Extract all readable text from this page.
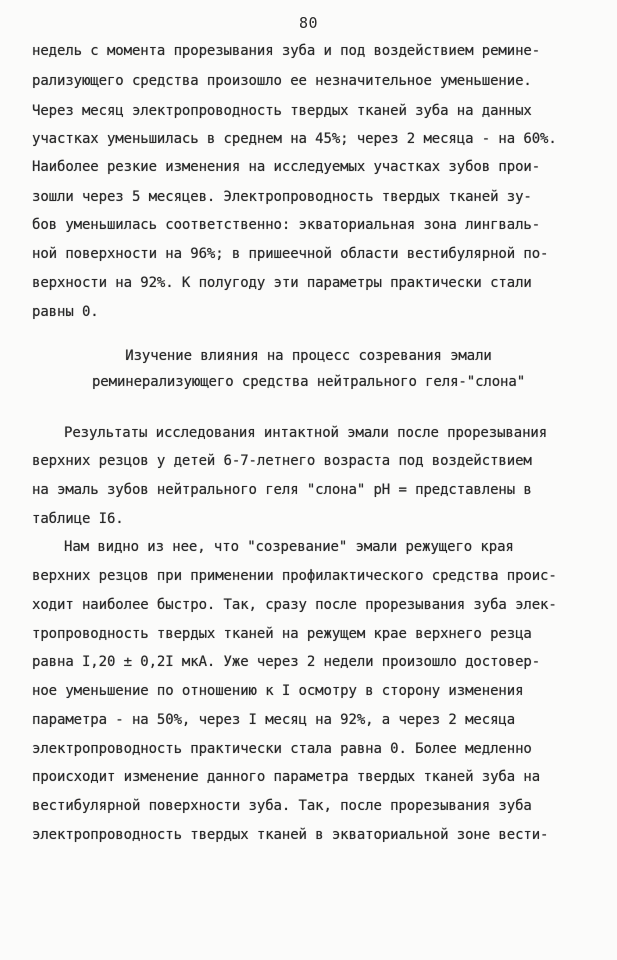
80
недель с момента прорезывания зуба и под воздействием ремине-
рализующего средства произошло ее незначительное уменьшение.
Через месяц электропроводность твердых тканей зуба на данных
участках уменьшилась в среднем на 45%; через 2 месяца - на 60%.
Наиболее резкие изменения на исследуемых участках зубов прои-
зошли через 5 месяцев. Электропроводность твердых тканей зу-
бов уменьшилась соответственно: экваториальная зона лингваль-
ной поверхности на 96%; в пришеечной области вестибулярной по-
верхности на 92%. К полугоду эти параметры практически стали
равны 0.
Изучение влияния на процесс созревания эмали
реминерализующего средства нейтрального геля-"слона"
Результаты исследования интактной эмали после прорезывания
верхних резцов у детей 6-7-летнего возраста под воздействием
на эмаль зубов нейтрального геля "слона" pH = представлены в
таблице I6.
Нам видно из нее, что "созревание" эмали режущего края
верхних резцов при применении профилактического средства проис-
ходит наиболее быстро. Так, сразу после прорезывания зуба элек-
тропроводность твердых тканей на режущем крае верхнего резца
равна I,20 ± 0,2I мкА. Уже через 2 недели произошло достовер-
ное уменьшение по отношению к I осмотру в сторону изменения
параметра - на 50%, через I месяц на 92%, а через 2 месяца
электропроводность практически стала равна 0. Более медленно
происходит изменение данного параметра твердых тканей зуба на
вестибулярной поверхности зуба. Так, после прорезывания зуба
электропроводность твердых тканей в экваториальной зоне вести-
